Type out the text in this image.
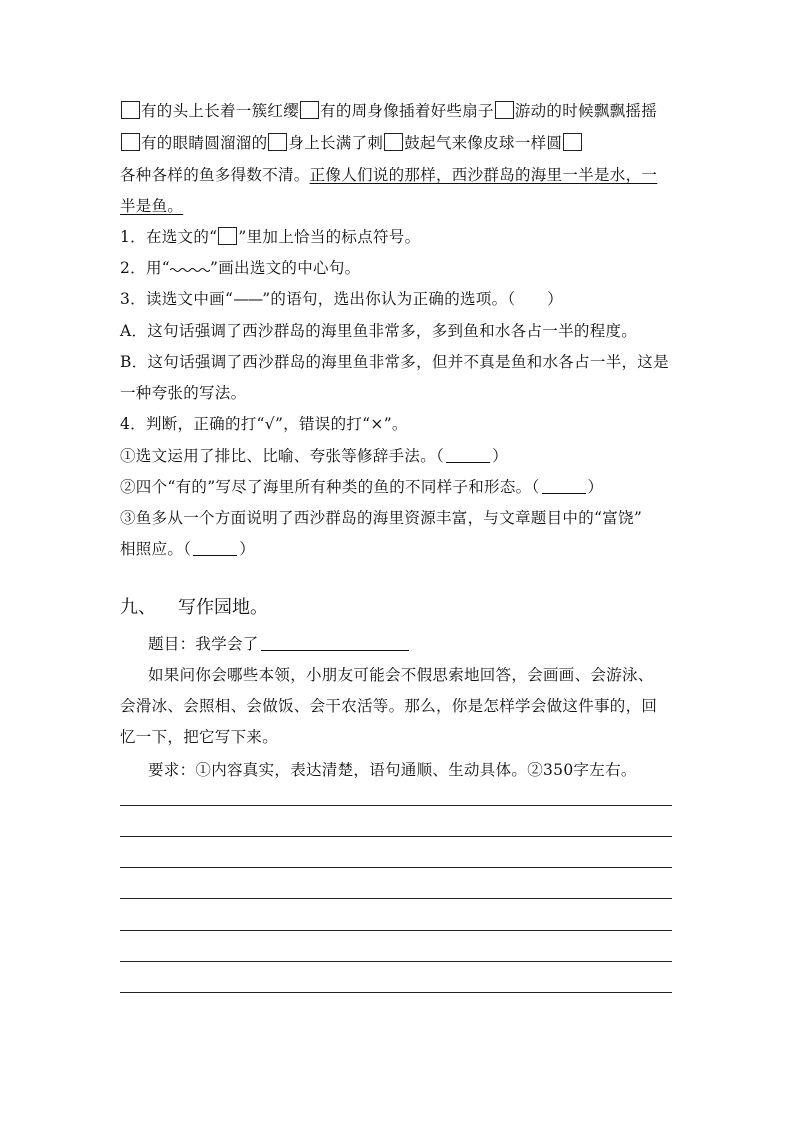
有的头上长着一簇红缨 有的周身像插着好些扇子 游动的时候飘飘摇摇
有的眼睛圆溜溜的 身上长满了刺 鼓起气来像皮球一样圆
各种各样的鱼多得数不清。正像人们说的那样，西沙群岛的海里一半是水，一
半是鱼。
1．在选文的“ ”里加上恰当的标点符号。
2．用“	”画出选文的中心句。
3．读选文中画“——”的语句，选出你认为正确的选项。（　　）
A．这句话强调了西沙群岛的海里鱼非常多，多到鱼和水各占一半的程度。
B．这句话强调了西沙群岛的海里鱼非常多，但并不真是鱼和水各占一半，这是
一种夸张的写法。
4．判断，正确的打“√”，错误的打“×”。
①选文运用了排比、比喻、夸张等修辞手法。（	）
②四个“有的”写尽了海里所有种类的鱼的不同样子和形态。（	）
③鱼多从一个方面说明了西沙群岛的海里资源丰富，与文章题目中的“富饶”
相照应。（	）
九、 写作园地。
题目：我学会了
如果问你会哪些本领，小朋友可能会不假思索地回答，会画画、会游泳、
会滑冰、会照相、会做饭、会干农活等。那么，你是怎样学会做这件事的，回
忆一下，把它写下来。
要求：①内容真实，表达清楚，语句通顺、生动具体。②350字左右。
